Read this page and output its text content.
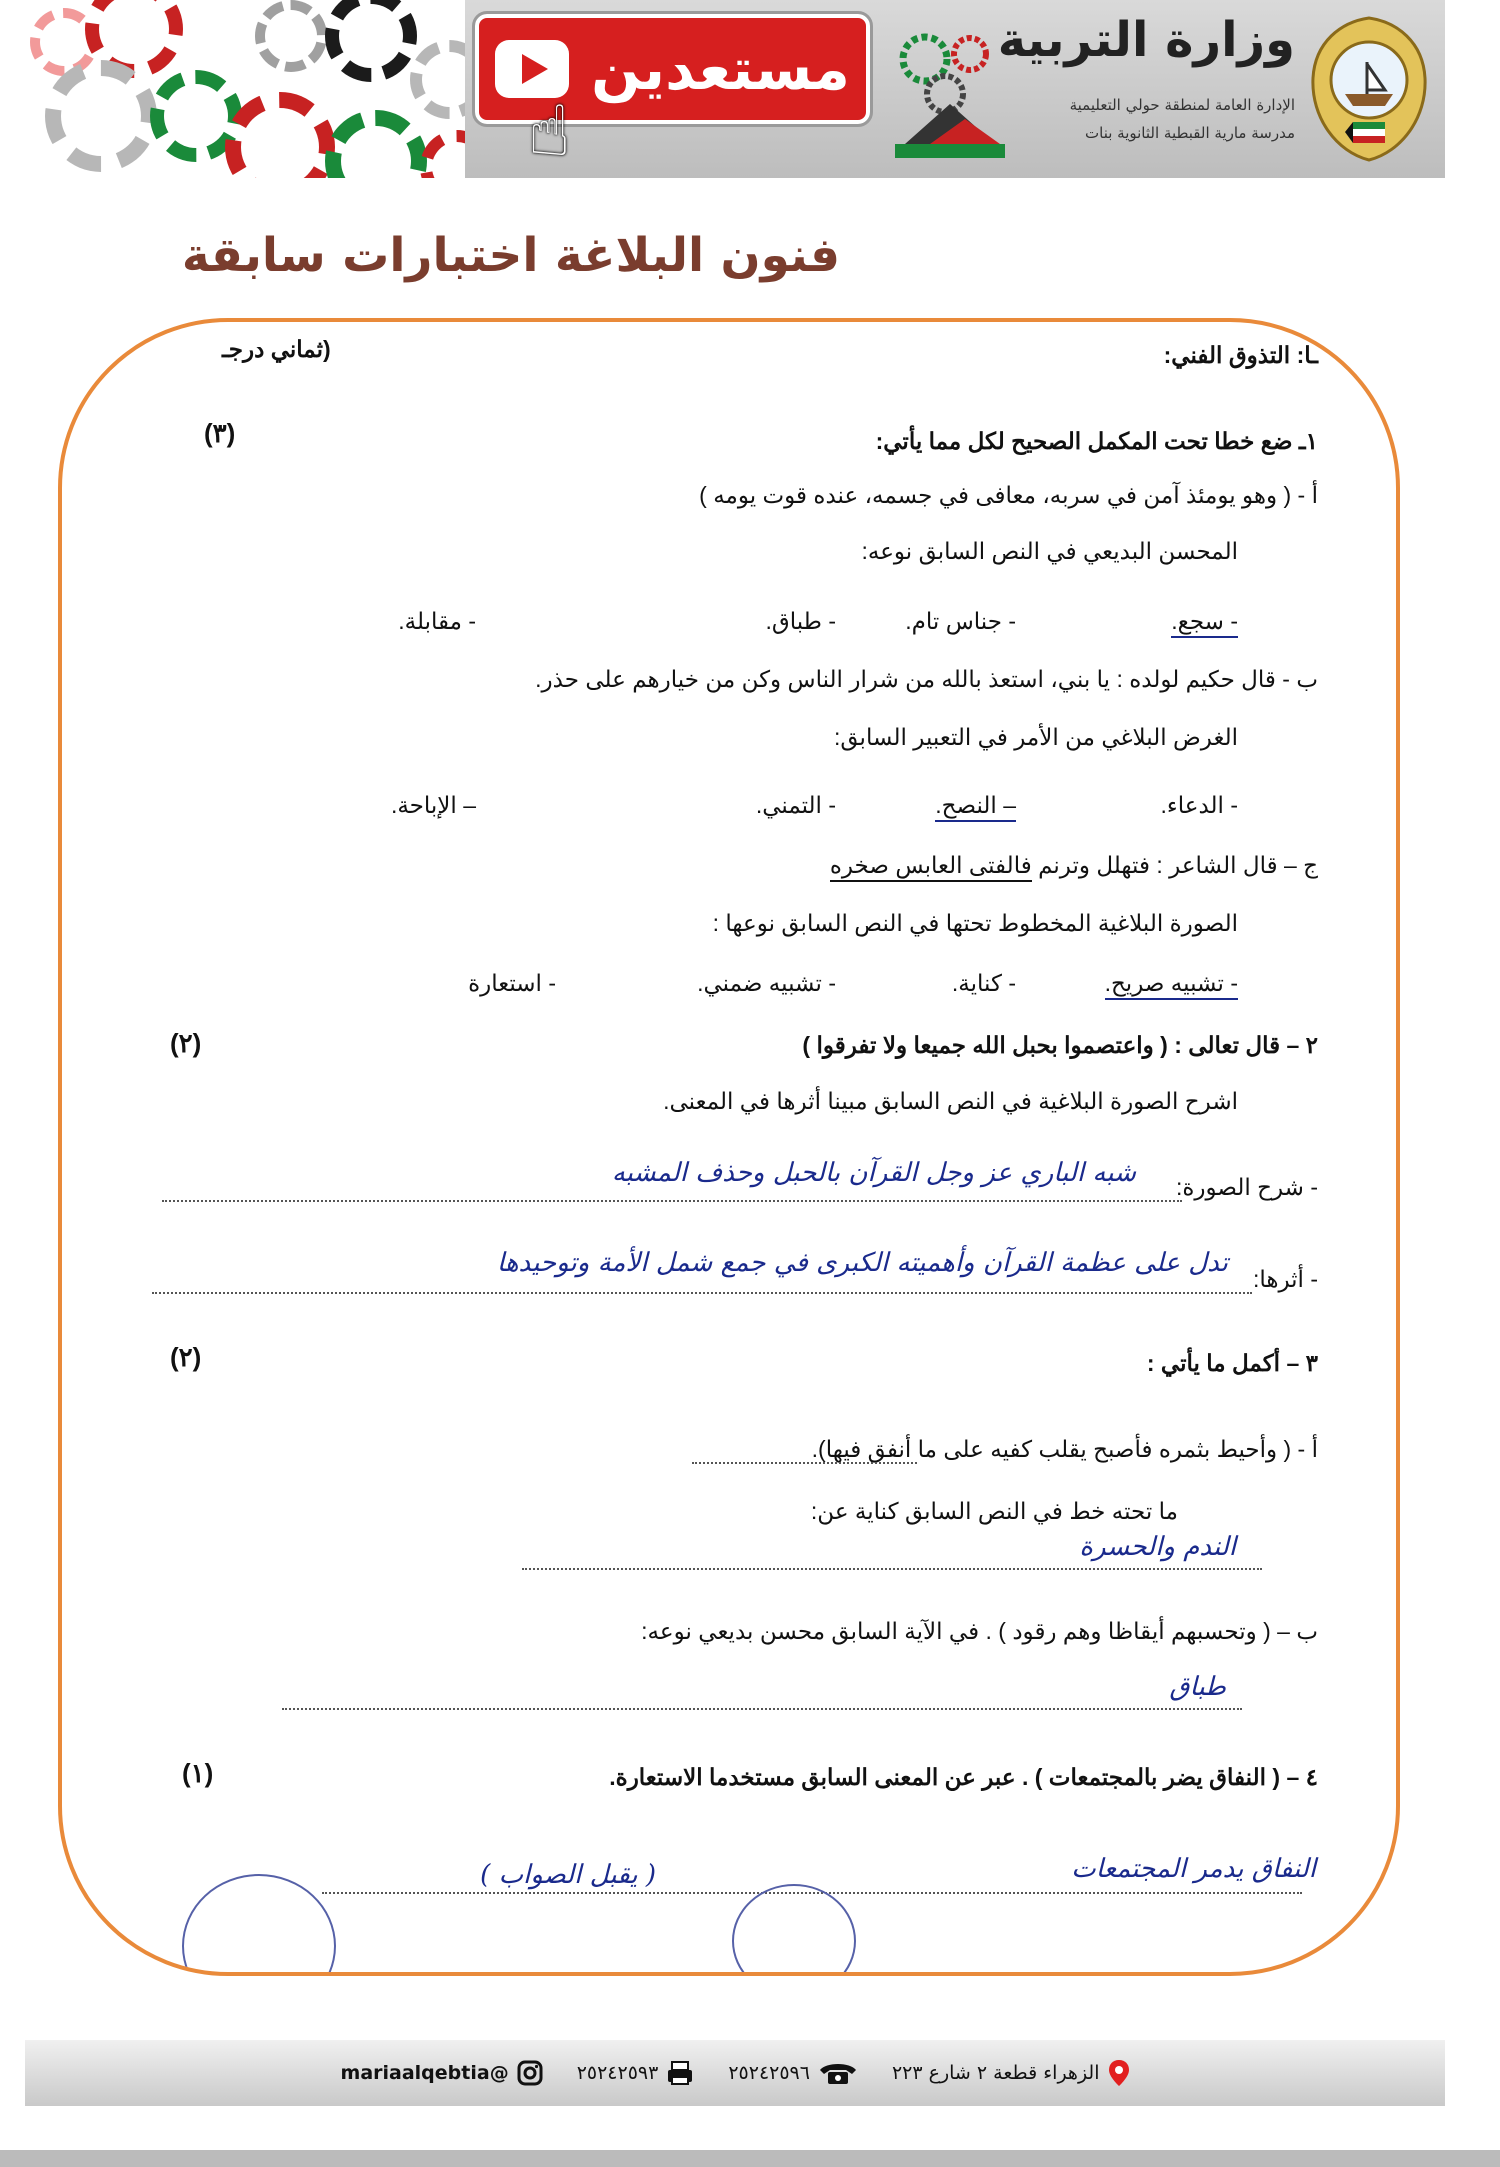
مستعدين
☝
وزارة التربية
الإدارة العامة لمنطقة حولي التعليمية
مدرسة مارية القبطية الثانوية بنات
فنون البلاغة اختبارات سابقة
ـا: التذوق الفني:
(ثماني درجـ
١ـ ضع خطا تحت المكمل الصحيح لكل مما يأتي:
(٣)
أ - ( وهو يومئذ آمن في سربه، معافى في جسمه، عنده قوت يومه )
المحسن البديعي في النص السابق نوعه:
- سجع.
- جناس تام.
- طباق.
- مقابلة.
ب - قال حكيم لولده : يا بني، استعذ بالله من شرار الناس وكن من خيارهم على حذر.
الغرض البلاغي من الأمر في التعبير السابق:
- الدعاء.
– النصح.
- التمني.
– الإباحة.
ج – قال الشاعر : فتهلل وترنم فالفتى العابس صخره
الصورة البلاغية المخطوط تحتها في النص السابق نوعها :
- تشبيه صريح.
- كناية.
- تشبيه ضمني.
- استعارة
٢ – قال تعالى : ( واعتصموا بحبل الله جميعا ولا تفرقوا )
(٢)
اشرح الصورة البلاغية في النص السابق مبينا أثرها في المعنى.
- شرح الصورة:
شبه الباري عز وجل القرآن بالحبل وحذف المشبه
- أثرها:
تدل على عظمة القرآن وأهميته الكبرى في جمع شمل الأمة وتوحيدها
٣ – أكمل ما يأتي :
(٢)
أ - ( وأحيط بثمره فأصبح يقلب كفيه على ما أنفق فيها).
ما تحته خط في النص السابق كناية عن:
الندم والحسرة
ب – ( وتحسبهم أيقاظا وهم رقود ) . في الآية السابق محسن بديعي نوعه:
طباق
٤ – ( النفاق يضر بالمجتمعات ) . عبر عن المعنى السابق مستخدما الاستعارة.
(١)
النفاق يدمر المجتمعات
( يقبل الصواب )
الزهراء قطعة ٢ شارع ٢٢٣
٢٥٢٤٢٥٩٦
٢٥٢٤٢٥٩٣
@mariaalqebtia
